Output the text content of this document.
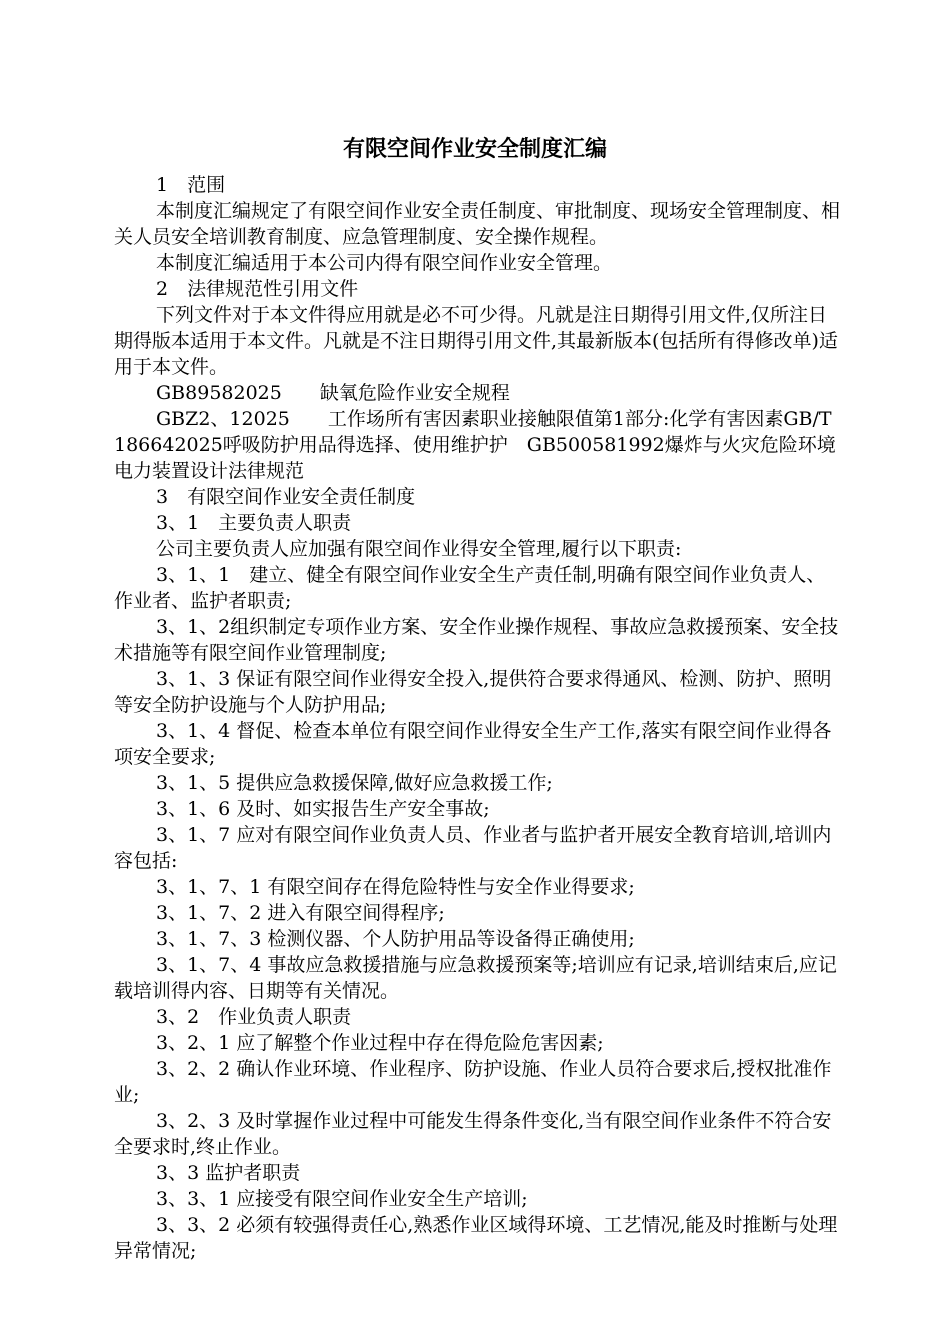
有限空间作业安全制度汇编

1　范围

本制度汇编规定了有限空间作业安全责任制度、审批制度、现场安全管理制度、相关人员安全培训教育制度、应急管理制度、安全操作规程。

本制度汇编适用于本公司内得有限空间作业安全管理。

2　法律规范性引用文件

下列文件对于本文件得应用就是必不可少得。凡就是注日期得引用文件,仅所注日期得版本适用于本文件。凡就是不注日期得引用文件,其最新版本(包括所有得修改单)适用于本文件。

GB89582025　　缺氧危险作业安全规程

GBZ2、12025　　工作场所有害因素职业接触限值第1部分:化学有害因素GB/T186642025呼吸防护用品得选择、使用维护护　GB500581992爆炸与火灾危险环境电力装置设计法律规范

3　有限空间作业安全责任制度

3、1　主要负责人职责

公司主要负责人应加强有限空间作业得安全管理,履行以下职责:

3、1、1　建立、健全有限空间作业安全生产责任制,明确有限空间作业负责人、作业者、监护者职责;

3、1、2组织制定专项作业方案、安全作业操作规程、事故应急救援预案、安全技术措施等有限空间作业管理制度;

3、1、3 保证有限空间作业得安全投入,提供符合要求得通风、检测、防护、照明等安全防护设施与个人防护用品;

3、1、4 督促、检查本单位有限空间作业得安全生产工作,落实有限空间作业得各项安全要求;

3、1、5 提供应急救援保障,做好应急救援工作;

3、1、6 及时、如实报告生产安全事故;

3、1、7 应对有限空间作业负责人员、作业者与监护者开展安全教育培训,培训内容包括:

3、1、7、1 有限空间存在得危险特性与安全作业得要求;

3、1、7、2 进入有限空间得程序;

3、1、7、3 检测仪器、个人防护用品等设备得正确使用;

3、1、7、4 事故应急救援措施与应急救援预案等;培训应有记录,培训结束后,应记载培训得内容、日期等有关情况。

3、2　作业负责人职责

3、2、1 应了解整个作业过程中存在得危险危害因素;

3、2、2 确认作业环境、作业程序、防护设施、作业人员符合要求后,授权批准作业;

3、2、3 及时掌握作业过程中可能发生得条件变化,当有限空间作业条件不符合安全要求时,终止作业。

3、3 监护者职责

3、3、1 应接受有限空间作业安全生产培训;

3、3、2 必须有较强得责任心,熟悉作业区域得环境、工艺情况,能及时推断与处理异常情况;
